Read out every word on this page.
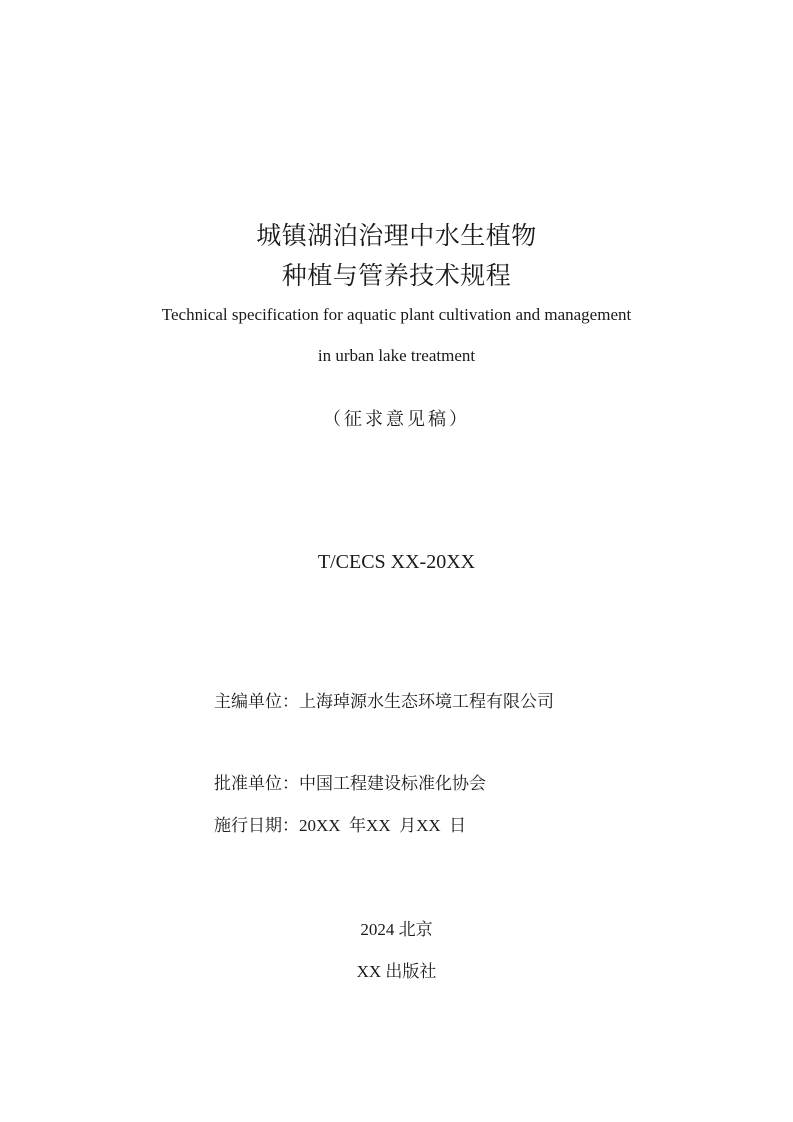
城镇湖泊治理中水生植物
种植与管养技术规程

Technical specification for aquatic plant cultivation and management

in urban lake treatment

（征求意见稿）

T/CECS XX-20XX

主编单位：上海琸源水生态环境工程有限公司
批准单位：中国工程建设标准化协会
施行日期：20XX  年XX  月XX  日

2024 北京

XX 出版社
